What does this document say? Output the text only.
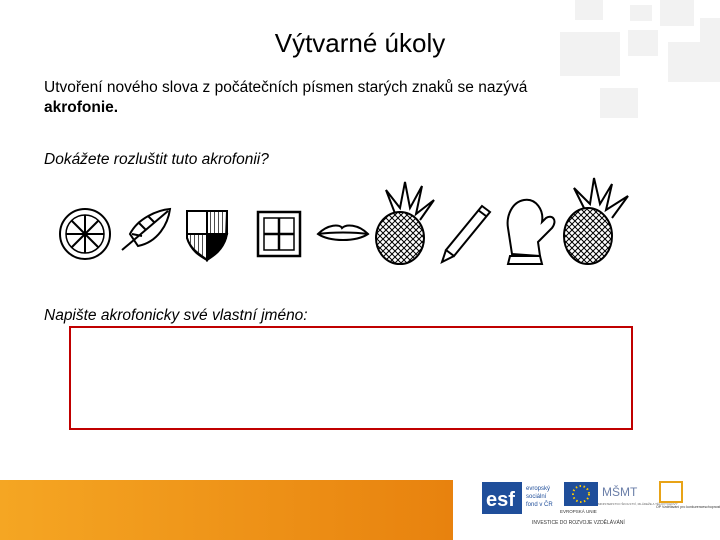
Výtvarné úkoly
Utvoření nového slova z počátečních písmen starých znaků se nazývá
akrofonie.
Dokážete rozluštit tuto akrofonii?
Napište akrofonicky své vlastní jméno:
esf evropský
sociální
fond v ČR
EVROPSKÁ UNIE
MŠMT
MINISTERSTVO ŠKOLSTVÍ, MLÁDEŽE A TĚLOVÝCHOVY
OP Vzdělávání pro konkurenceschopnost
INVESTICE DO ROZVOJE VZDĚLÁVÁNÍ
